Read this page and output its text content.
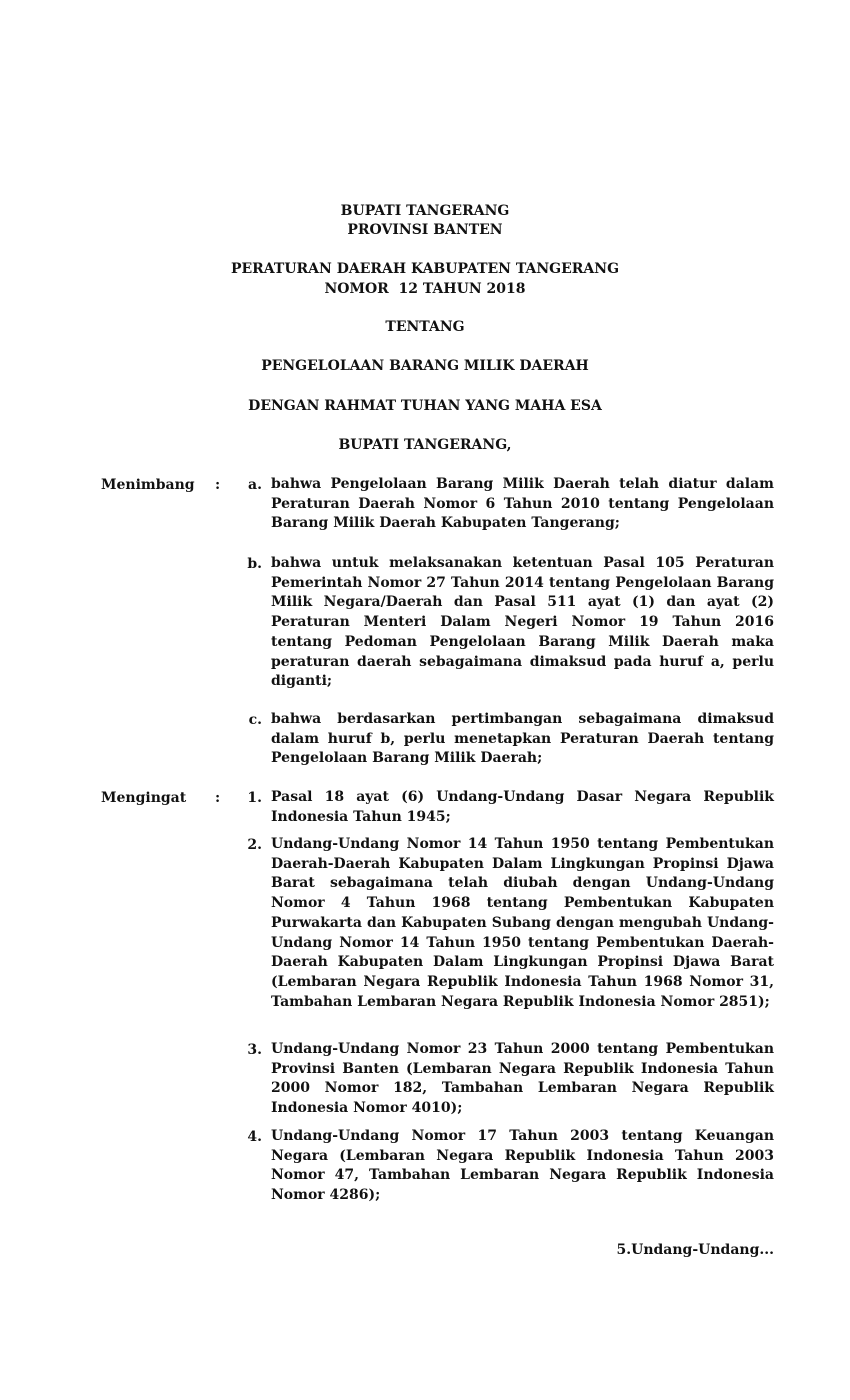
BUPATI TANGERANG
PROVINSI BANTEN
PERATURAN DAERAH KABUPATEN TANGERANG
NOMOR  12 TAHUN 2018
TENTANG
PENGELOLAAN BARANG MILIK DAERAH
DENGAN RAHMAT TUHAN YANG MAHA ESA
BUPATI TANGERANG,
Menimbang :	a. bahwa Pengelolaan Barang Milik Daerah telah diatur dalam Peraturan Daerah Nomor 6 Tahun 2010 tentang Pengelolaan Barang Milik Daerah Kabupaten Tangerang;
b. bahwa untuk melaksanakan ketentuan Pasal 105 Peraturan Pemerintah Nomor 27 Tahun 2014 tentang Pengelolaan Barang Milik Negara/Daerah dan Pasal 511 ayat (1) dan ayat (2) Peraturan Menteri Dalam Negeri Nomor 19 Tahun 2016 tentang Pedoman Pengelolaan Barang Milik Daerah maka peraturan daerah sebagaimana dimaksud pada huruf a, perlu diganti;
c. bahwa berdasarkan pertimbangan sebagaimana dimaksud dalam huruf b, perlu menetapkan Peraturan Daerah tentang Pengelolaan Barang Milik Daerah;
Mengingat :	1. Pasal 18 ayat (6) Undang-Undang Dasar Negara Republik Indonesia Tahun 1945;
2. Undang-Undang Nomor 14 Tahun 1950 tentang Pembentukan Daerah-Daerah Kabupaten Dalam Lingkungan Propinsi Djawa Barat sebagaimana telah diubah dengan Undang-Undang Nomor 4 Tahun 1968 tentang Pembentukan Kabupaten Purwakarta dan Kabupaten Subang dengan mengubah Undang-Undang Nomor 14 Tahun 1950 tentang Pembentukan Daerah-Daerah Kabupaten Dalam Lingkungan Propinsi Djawa Barat (Lembaran Negara Republik Indonesia Tahun 1968 Nomor 31, Tambahan Lembaran Negara Republik Indonesia Nomor 2851);
3. Undang-Undang Nomor 23 Tahun 2000 tentang Pembentukan Provinsi Banten (Lembaran Negara Republik Indonesia Tahun 2000 Nomor 182, Tambahan Lembaran Negara Republik Indonesia Nomor 4010);
4. Undang-Undang Nomor 17 Tahun 2003 tentang Keuangan Negara (Lembaran Negara Republik Indonesia Tahun 2003 Nomor 47, Tambahan Lembaran Negara Republik Indonesia Nomor 4286);
5.Undang-Undang...
